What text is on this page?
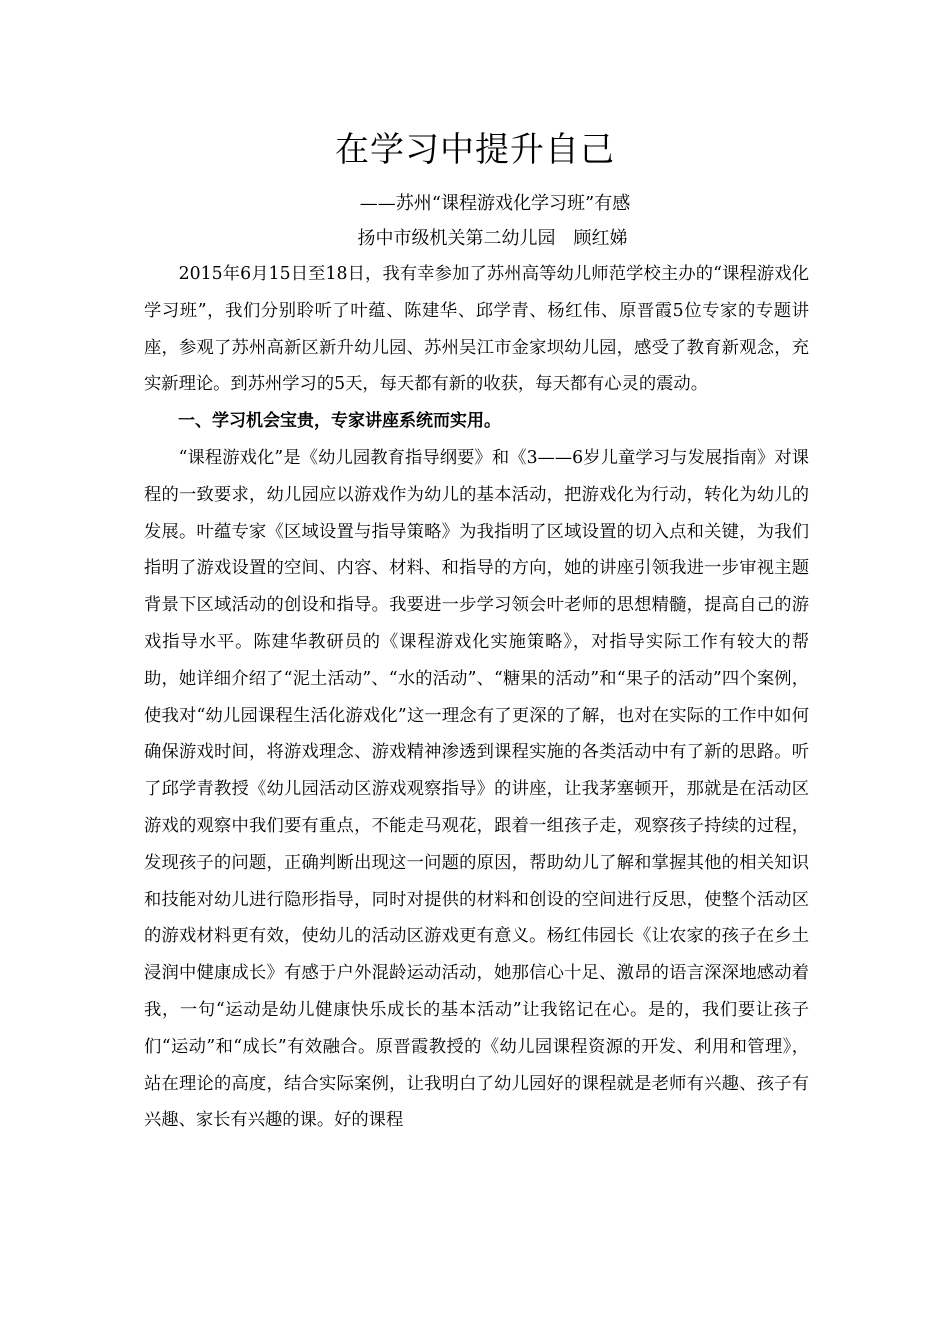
在学习中提升自己

——苏州“课程游戏化学习班”有感

扬中市级机关第二幼儿园　顾红娣

2015年6月15日至18日，我有幸参加了苏州高等幼儿师范学校主办的“课程游戏化学习班”，我们分别聆听了叶蕴、陈建华、邱学青、杨红伟、原晋霞5位专家的专题讲座，参观了苏州高新区新升幼儿园、苏州吴江市金家坝幼儿园，感受了教育新观念，充实新理论。到苏州学习的5天，每天都有新的收获，每天都有心灵的震动。

一、学习机会宝贵，专家讲座系统而实用。

“课程游戏化”是《幼儿园教育指导纲要》和《3——6岁儿童学习与发展指南》对课程的一致要求，幼儿园应以游戏作为幼儿的基本活动，把游戏化为行动，转化为幼儿的发展。叶蕴专家《区域设置与指导策略》为我指明了区域设置的切入点和关键，为我们指明了游戏设置的空间、内容、材料、和指导的方向，她的讲座引领我进一步审视主题背景下区域活动的创设和指导。我要进一步学习领会叶老师的思想精髓，提高自己的游戏指导水平。陈建华教研员的《课程游戏化实施策略》，对指导实际工作有较大的帮助，她详细介绍了“泥土活动”、“水的活动”、“糖果的活动”和“果子的活动”四个案例，使我对“幼儿园课程生活化游戏化”这一理念有了更深的了解，也对在实际的工作中如何确保游戏时间，将游戏理念、游戏精神渗透到课程实施的各类活动中有了新的思路。听了邱学青教授《幼儿园活动区游戏观察指导》的讲座，让我茅塞顿开，那就是在活动区游戏的观察中我们要有重点，不能走马观花，跟着一组孩子走，观察孩子持续的过程，发现孩子的问题，正确判断出现这一问题的原因，帮助幼儿了解和掌握其他的相关知识和技能对幼儿进行隐形指导，同时对提供的材料和创设的空间进行反思，使整个活动区的游戏材料更有效，使幼儿的活动区游戏更有意义。杨红伟园长《让农家的孩子在乡土浸润中健康成长》有感于户外混龄运动活动，她那信心十足、激昂的语言深深地感动着我，一句“运动是幼儿健康快乐成长的基本活动”让我铭记在心。是的，我们要让孩子们“运动”和“成长”有效融合。原晋霞教授的《幼儿园课程资源的开发、利用和管理》，站在理论的高度，结合实际案例，让我明白了幼儿园好的课程就是老师有兴趣、孩子有兴趣、家长有兴趣的课。好的课程
